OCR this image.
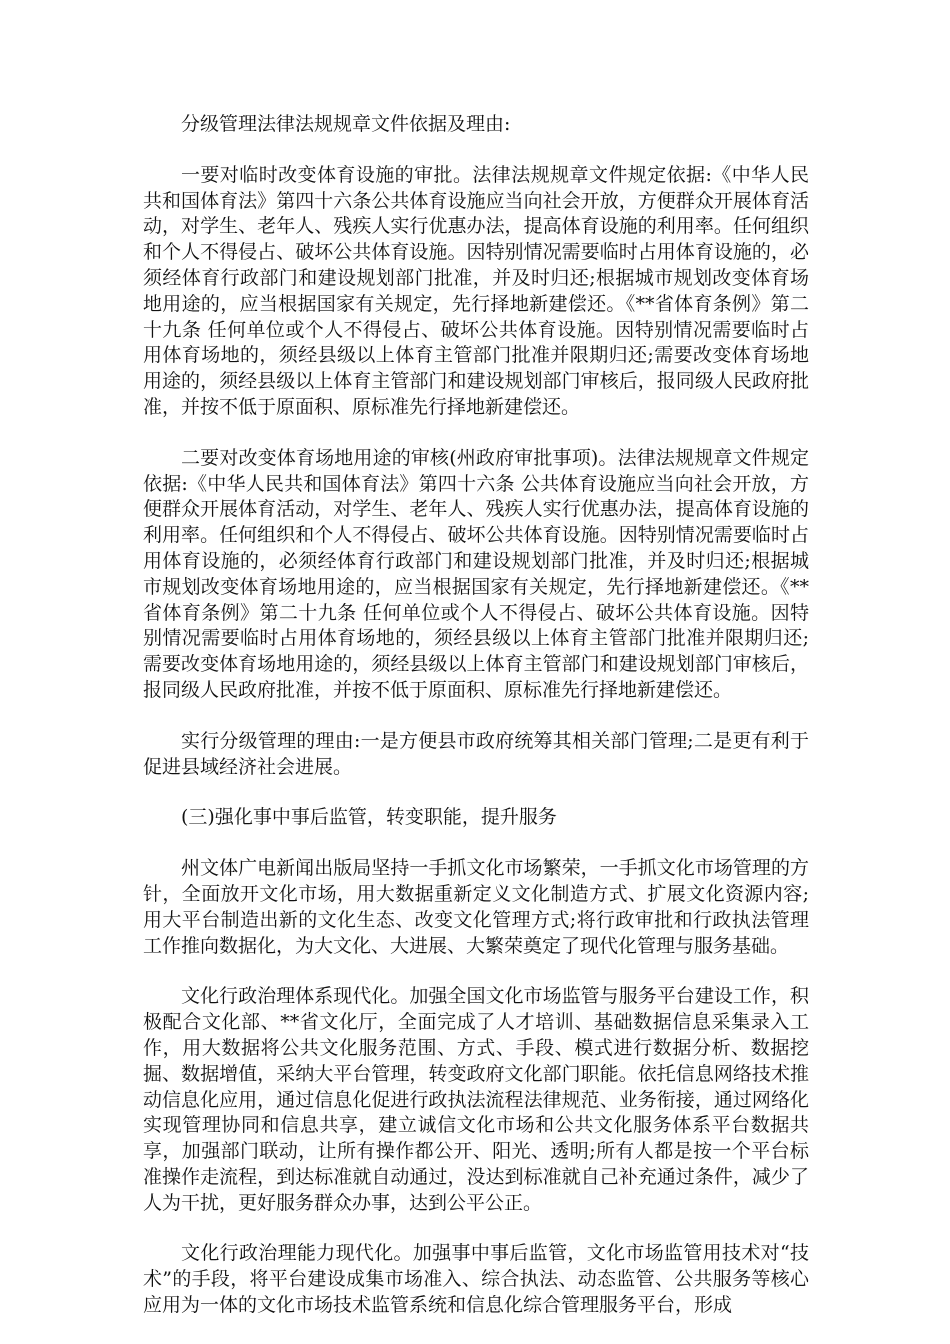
分级管理法律法规规章文件依据及理由:

一要对临时改变体育设施的审批。法律法规规章文件规定依据:《中华人民共和国体育法》第四十六条公共体育设施应当向社会开放，方便群众开展体育活动，对学生、老年人、残疾人实行优惠办法，提高体育设施的利用率。任何组织和个人不得侵占、破坏公共体育设施。因特别情况需要临时占用体育设施的，必须经体育行政部门和建设规划部门批准，并及时归还;根据城市规划改变体育场地用途的，应当根据国家有关规定，先行择地新建偿还。《**省体育条例》第二十九条 任何单位或个人不得侵占、破坏公共体育设施。因特别情况需要临时占用体育场地的，须经县级以上体育主管部门批准并限期归还;需要改变体育场地用途的，须经县级以上体育主管部门和建设规划部门审核后，报同级人民政府批准，并按不低于原面积、原标准先行择地新建偿还。

二要对改变体育场地用途的审核(州政府审批事项)。法律法规规章文件规定依据:《中华人民共和国体育法》第四十六条 公共体育设施应当向社会开放，方便群众开展体育活动，对学生、老年人、残疾人实行优惠办法，提高体育设施的利用率。任何组织和个人不得侵占、破坏公共体育设施。因特别情况需要临时占用体育设施的，必须经体育行政部门和建设规划部门批准，并及时归还;根据城市规划改变体育场地用途的，应当根据国家有关规定，先行择地新建偿还。《**省体育条例》第二十九条 任何单位或个人不得侵占、破坏公共体育设施。因特别情况需要临时占用体育场地的，须经县级以上体育主管部门批准并限期归还;需要改变体育场地用途的，须经县级以上体育主管部门和建设规划部门审核后，报同级人民政府批准，并按不低于原面积、原标准先行择地新建偿还。

实行分级管理的理由:一是方便县市政府统筹其相关部门管理;二是更有利于促进县域经济社会进展。

(三)强化事中事后监管，转变职能，提升服务

州文体广电新闻出版局坚持一手抓文化市场繁荣，一手抓文化市场管理的方针，全面放开文化市场，用大数据重新定义文化制造方式、扩展文化资源内容;用大平台制造出新的文化生态、改变文化管理方式;将行政审批和行政执法管理工作推向数据化，为大文化、大进展、大繁荣奠定了现代化管理与服务基础。

文化行政治理体系现代化。加强全国文化市场监管与服务平台建设工作，积极配合文化部、**省文化厅，全面完成了人才培训、基础数据信息采集录入工作，用大数据将公共文化服务范围、方式、手段、模式进行数据分析、数据挖掘、数据增值，采纳大平台管理，转变政府文化部门职能。依托信息网络技术推动信息化应用，通过信息化促进行政执法流程法律规范、业务衔接，通过网络化实现管理协同和信息共享，建立诚信文化市场和公共文化服务体系平台数据共享，加强部门联动，让所有操作都公开、阳光、透明;所有人都是按一个平台标准操作走流程，到达标准就自动通过，没达到标准就自己补充通过条件，减少了人为干扰，更好服务群众办事，达到公平公正。

文化行政治理能力现代化。加强事中事后监管，文化市场监管用技术对“技术”的手段，将平台建设成集市场准入、综合执法、动态监管、公共服务等核心应用为一体的文化市场技术监管系统和信息化综合管理服务平台，形成
